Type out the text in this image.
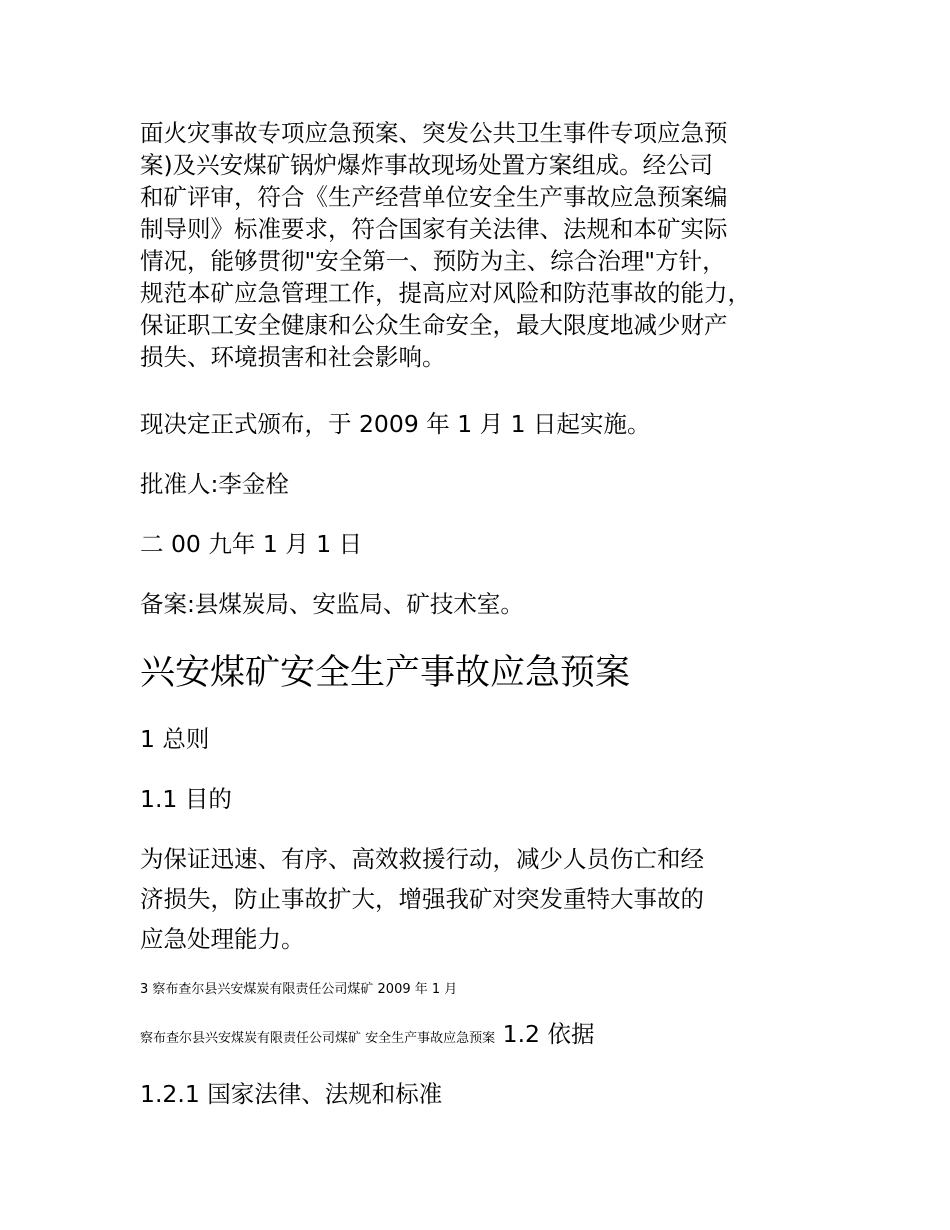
面火灾事故专项应急预案、突发公共卫生事件专项应急预
案)及兴安煤矿锅炉爆炸事故现场处置方案组成。经公司
和矿评审，符合《生产经营单位安全生产事故应急预案编
制导则》标准要求，符合国家有关法律、法规和本矿实际
情况，能够贯彻"安全第一、预防为主、综合治理"方针，
规范本矿应急管理工作，提高应对风险和防范事故的能力，
保证职工安全健康和公众生命安全，最大限度地减少财产
损失、环境损害和社会影响。
现决定正式颁布，于 2009 年 1 月 1 日起实施。
批准人:李金栓
二 00 九年 1 月 1 日
备案:县煤炭局、安监局、矿技术室。
兴安煤矿安全生产事故应急预案
1 总则
1.1 目的
为保证迅速、有序、高效救援行动，减少人员伤亡和经
济损失，防止事故扩大，增强我矿对突发重特大事故的
应急处理能力。
3 察布查尔县兴安煤炭有限责任公司煤矿 2009 年 1 月
察布查尔县兴安煤炭有限责任公司煤矿 安全生产事故应急预案 1.2 依据
1.2.1 国家法律、法规和标准
